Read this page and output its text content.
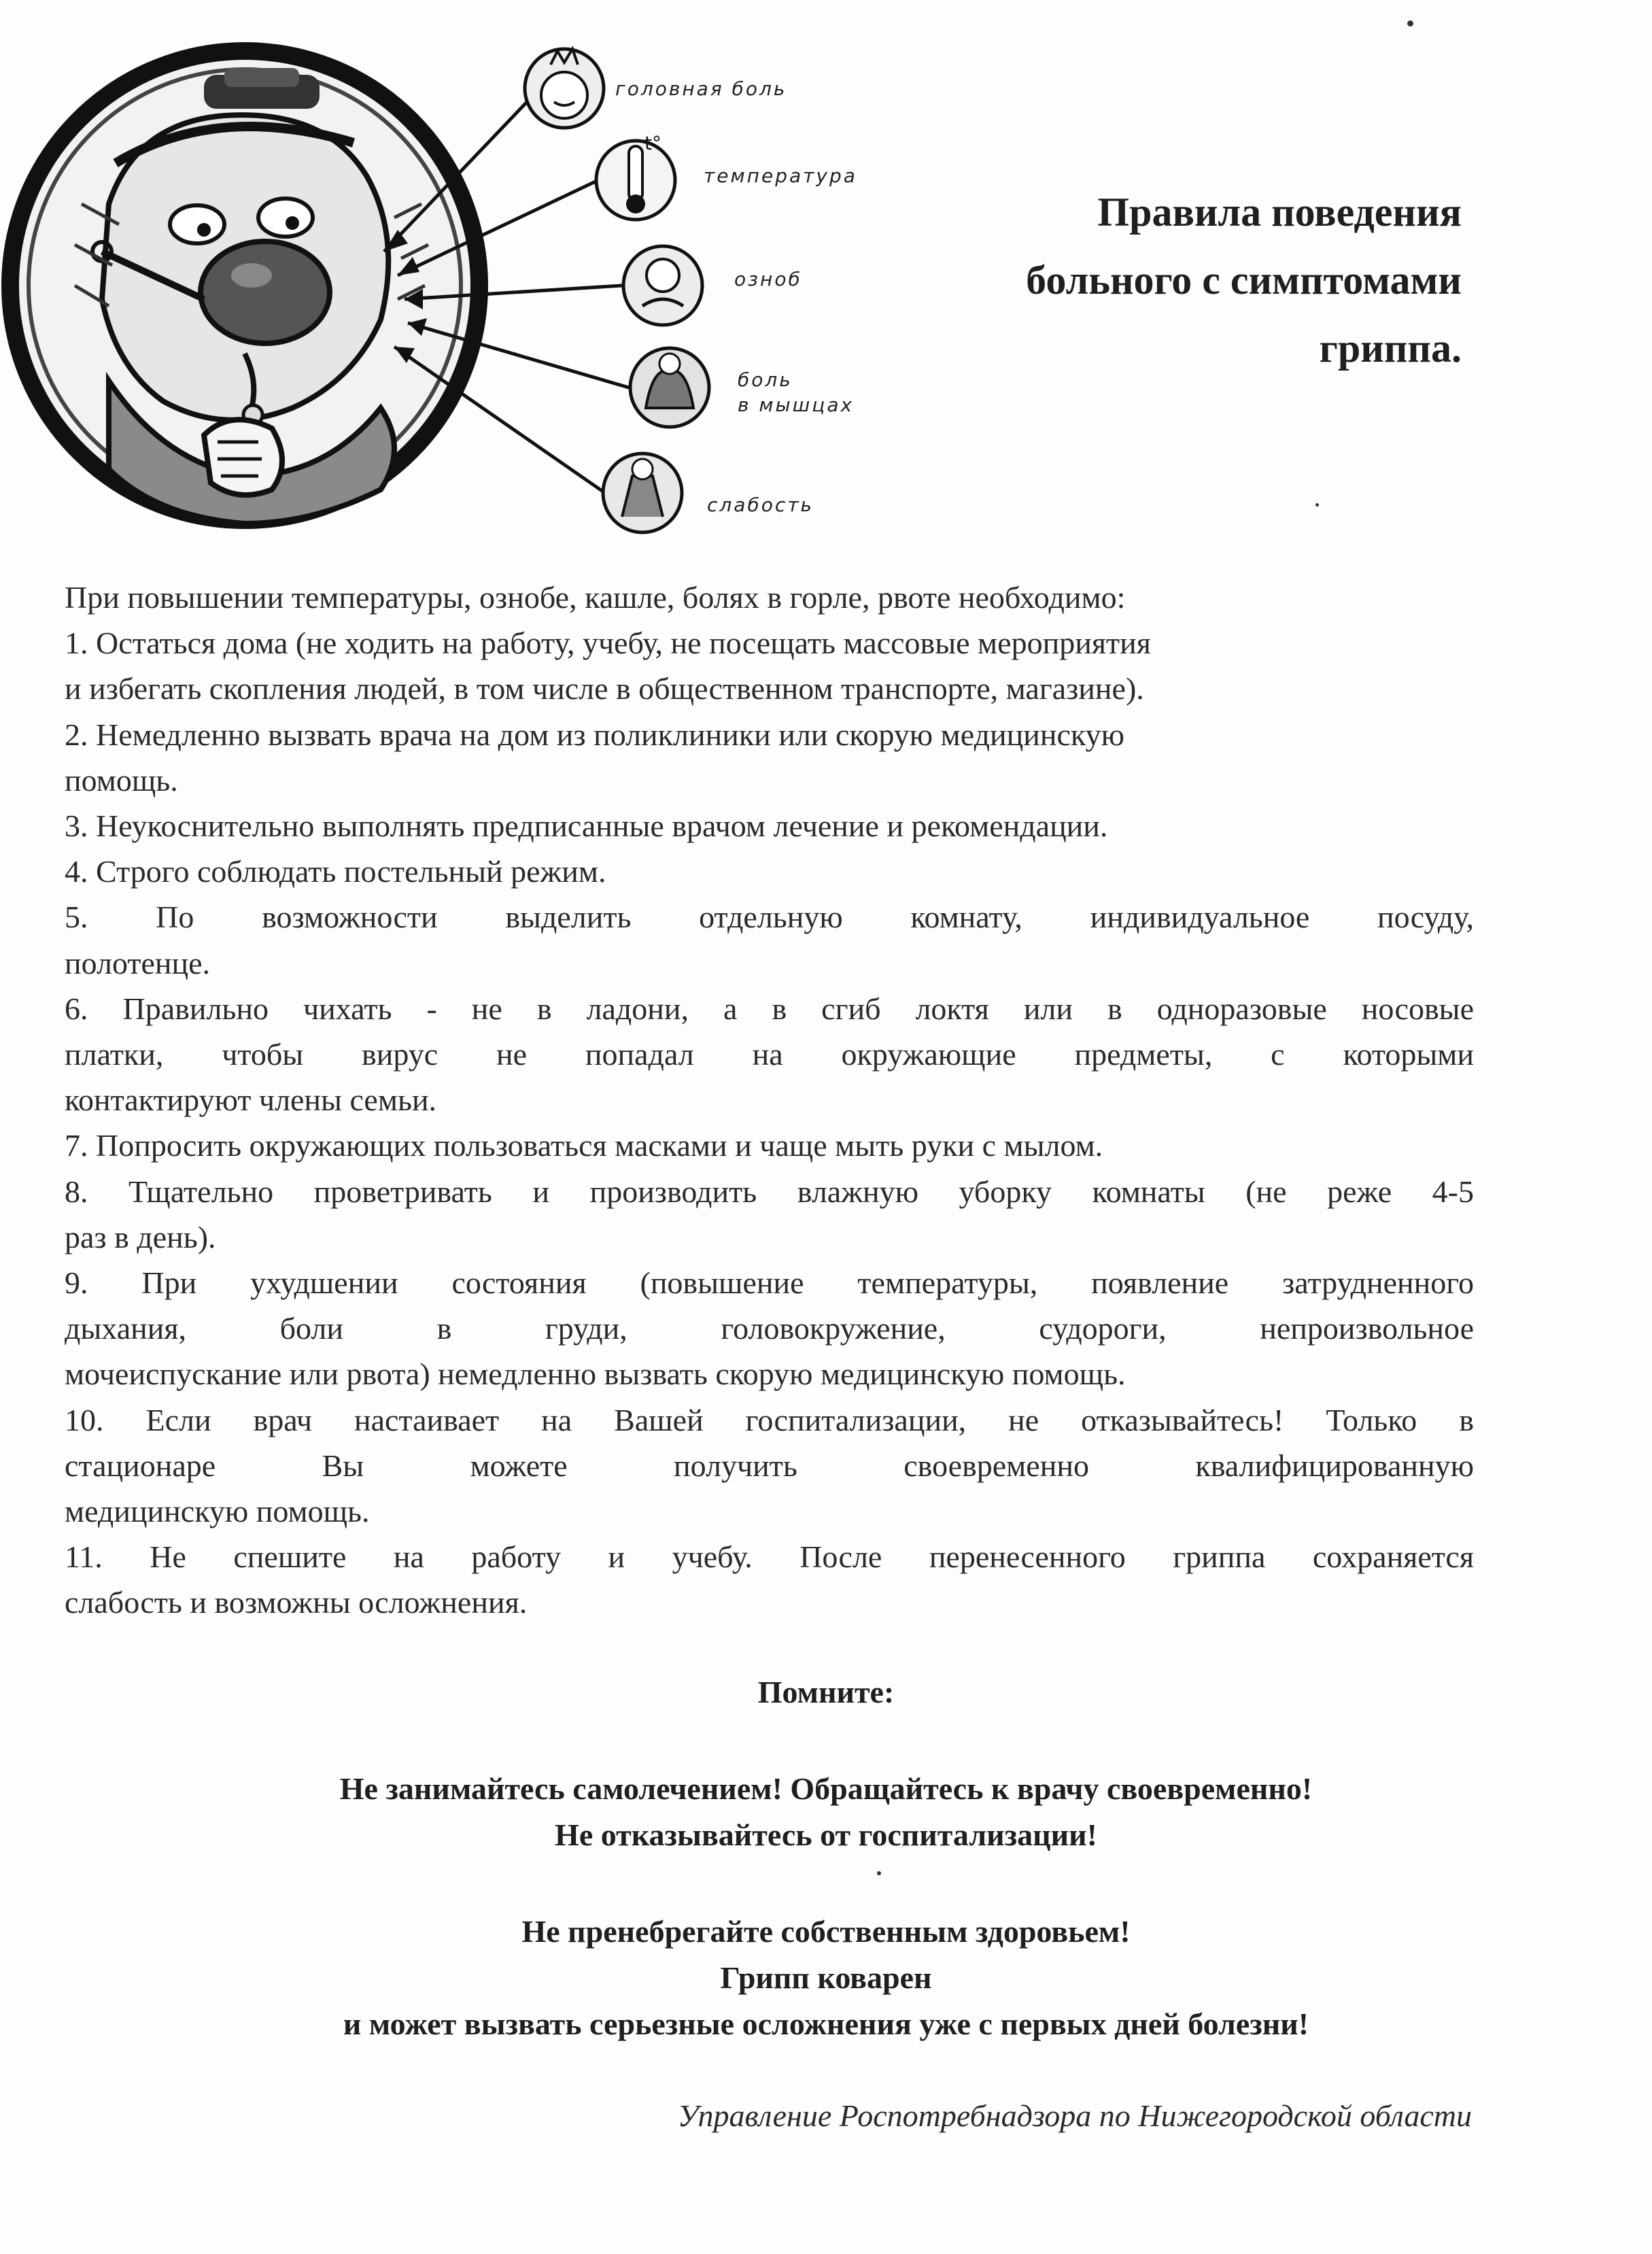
t°
головная боль
температура
озноб
боль
в мышцах
слабость
Правила поведения
больного с симптомами
гриппа.
При повышении температуры, ознобе, кашле, болях в горле, рвоте необходимо:
1. Остаться дома (не ходить на работу, учебу, не посещать массовые мероприятия
и избегать скопления людей, в том числе в общественном транспорте, магазине).
2. Немедленно вызвать врача на дом из поликлиники или скорую медицинскую
помощь.
3. Неукоснительно выполнять предписанные врачом лечение и рекомендации.
4. Строго соблюдать постельный режим.
5. По возможности выделить отдельную комнату, индивидуальное посуду,
полотенце.
6. Правильно чихать - не в ладони, а в сгиб локтя или в одноразовые носовые
платки, чтобы вирус не попадал на окружающие предметы, с которыми
контактируют члены семьи.
7. Попросить окружающих пользоваться масками и чаще мыть руки с мылом.
8. Тщательно проветривать и производить влажную уборку комнаты (не реже 4-5
раз в день).
9. При ухудшении состояния (повышение температуры, появление затрудненного
дыхания, боли в груди, головокружение, судороги, непроизвольное
мочеиспускание или рвота) немедленно вызвать скорую медицинскую помощь.
10. Если врач настаивает на Вашей госпитализации, не отказывайтесь! Только в
стационаре Вы можете получить своевременно квалифицированную
медицинскую помощь.
11. Не спешите на работу и учебу. После перенесенного гриппа сохраняется
слабость и возможны осложнения.
Помните:
Не занимайтесь самолечением! Обращайтесь к врачу своевременно!
Не отказывайтесь от госпитализации!
Не пренебрегайте собственным здоровьем!
Грипп коварен
и может вызвать серьезные осложнения уже с первых дней болезни!
Управление Роспотребнадзора по Нижегородской области
